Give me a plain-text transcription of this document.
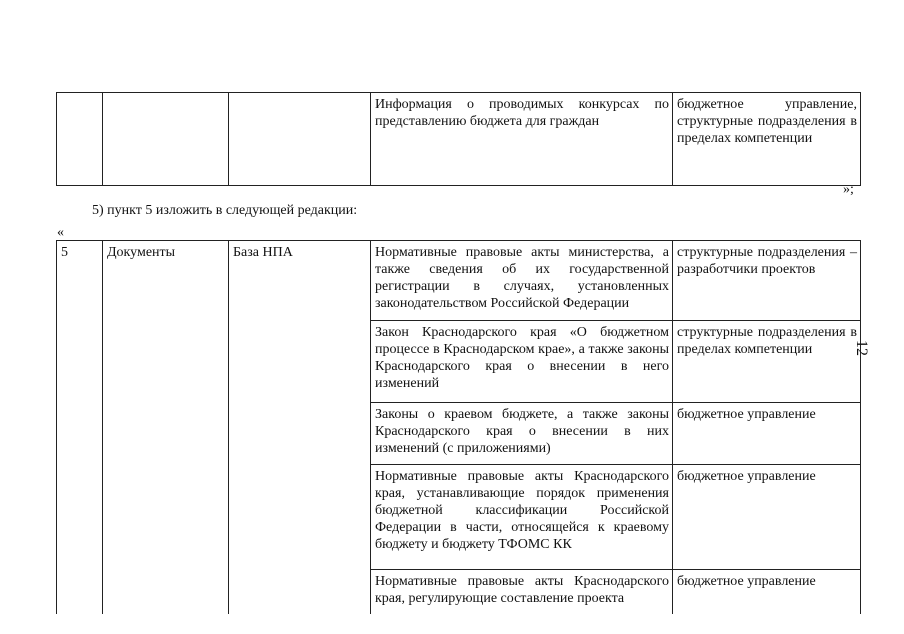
			Информация о проводимых конкурсах по представлению бюджета для граждан	бюджетное управление, структурные подразделения в пределах компетенции
»;
5) пункт 5 изложить в следующей редакции:
«
5	Документы	База НПА	Нормативные правовые акты министерства, а также сведения об их государственной регистрации в случаях, установленных законодательством Российской Федерации	структурные подразделения – разработчики проектов
			Закон Краснодарского края «О бюджетном процессе в Краснодарском крае», а также законы Краснодарского края о внесении в него изменений	структурные подразделения в пределах компетенции
			Законы о краевом бюджете, а также законы Краснодарского края о внесении в них изменений (с приложениями)	бюджетное управление
			Нормативные правовые акты Краснодарского края, устанавливающие порядок применения бюджетной классификации Российской Федерации в части, относящейся к краевому бюджету и бюджету ТФОМС КК	бюджетное управление
			Нормативные правовые акты Краснодарского края, регулирующие составление проекта	бюджетное управление
12
